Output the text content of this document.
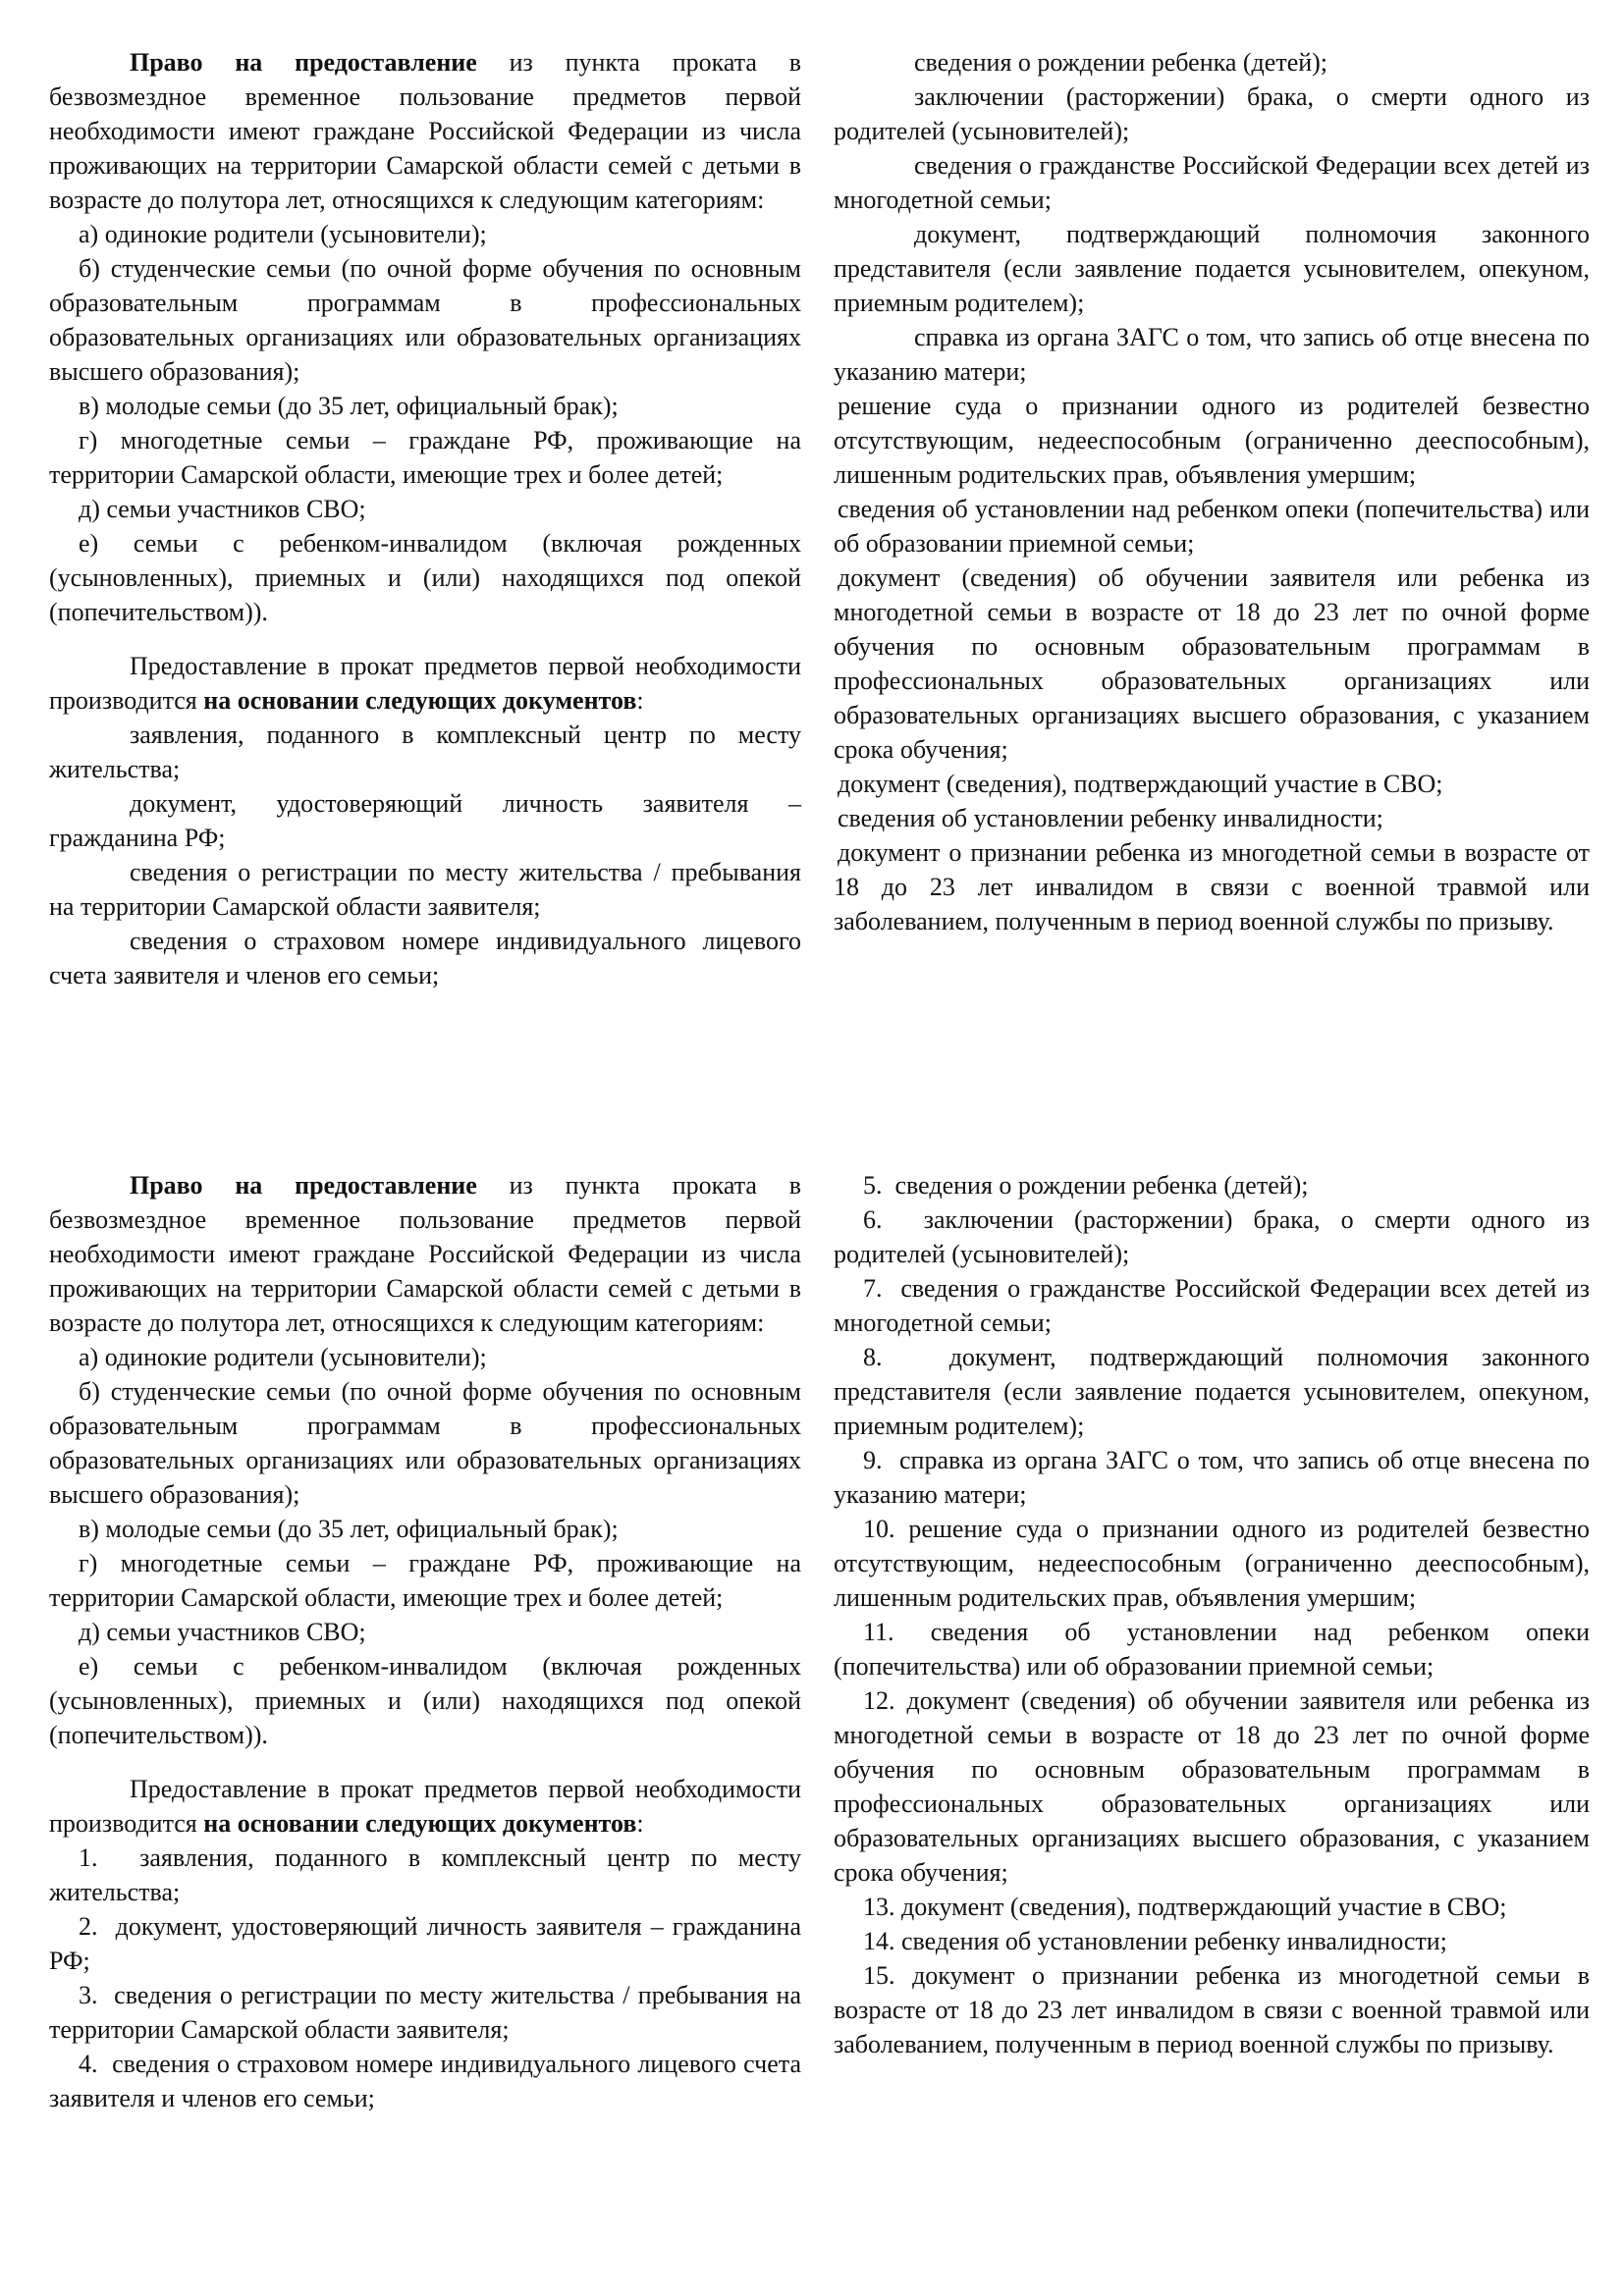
Право на предоставление из пункта проката в безвозмездное временное пользование предметов первой необходимости имеют граждане Российской Федерации из числа проживающих на территории Самарской области семей с детьми в возрасте до полутора лет, относящихся к следующим категориям:

а) одинокие родители (усыновители);

б) студенческие семьи (по очной форме обучения по основным образовательным программам в профессиональных образовательных организациях или образовательных организациях высшего образования);

в) молодые семьи (до 35 лет, официальный брак);

г) многодетные семьи – граждане РФ, проживающие на территории Самарской области, имеющие трех и более детей;

д) семьи участников СВО;

е) семьи с ребенком-инвалидом (включая рожденных (усыновленных), приемных и (или) находящихся под опекой (попечительством)).

Предоставление в прокат предметов первой необходимости производится на основании следующих документов:

заявления, поданного в комплексный центр по месту жительства;

документ, удостоверяющий личность заявителя – гражданина РФ;

сведения о регистрации по месту жительства / пребывания на территории Самарской области заявителя;

сведения о страховом номере индивидуального лицевого счета заявителя и членов его семьи;

сведения о рождении ребенка (детей);

заключении (расторжении) брака, о смерти одного из родителей (усыновителей);

сведения о гражданстве Российской Федерации всех детей из многодетной семьи;

документ, подтверждающий полномочия законного представителя (если заявление подается усыновителем, опекуном, приемным родителем);

справка из органа ЗАГС о том, что запись об отце внесена по указанию матери;

решение суда о признании одного из родителей безвестно отсутствующим, недееспособным (ограниченно дееспособным), лишенным родительских прав, объявления умершим;

сведения об установлении над ребенком опеки (попечительства) или об образовании приемной семьи;

документ (сведения) об обучении заявителя или ребенка из многодетной семьи в возрасте от 18 до 23 лет по очной форме обучения по основным образовательным программам в профессиональных образовательных организациях или образовательных организациях высшего образования, с указанием срока обучения;

документ (сведения), подтверждающий участие в СВО;

сведения об установлении ребенку инвалидности;

документ о признании ребенка из многодетной семьи в возрасте от 18 до 23 лет инвалидом в связи с военной травмой или заболеванием, полученным в период военной службы по призыву.

Право на предоставление из пункта проката в безвозмездное временное пользование предметов первой необходимости имеют граждане Российской Федерации из числа проживающих на территории Самарской области семей с детьми в возрасте до полутора лет, относящихся к следующим категориям:

а) одинокие родители (усыновители);

б) студенческие семьи (по очной форме обучения по основным образовательным программам в профессиональных образовательных организациях или образовательных организациях высшего образования);

в) молодые семьи (до 35 лет, официальный брак);

г) многодетные семьи – граждане РФ, проживающие на территории Самарской области, имеющие трех и более детей;

д) семьи участников СВО;

е) семьи с ребенком-инвалидом (включая рожденных (усыновленных), приемных и (или) находящихся под опекой (попечительством)).

Предоставление в прокат предметов первой необходимости производится на основании следующих документов:

1. заявления, поданного в комплексный центр по месту жительства;

2. документ, удостоверяющий личность заявителя – гражданина РФ;

3. сведения о регистрации по месту жительства / пребывания на территории Самарской области заявителя;

4. сведения о страховом номере индивидуального лицевого счета заявителя и членов его семьи;

5. сведения о рождении ребенка (детей);

6. заключении (расторжении) брака, о смерти одного из родителей (усыновителей);

7. сведения о гражданстве Российской Федерации всех детей из многодетной семьи;

8.	документ, подтверждающий полномочия законного представителя (если заявление подается усыновителем, опекуном, приемным родителем);

9. справка из органа ЗАГС о том, что запись об отце внесена по указанию матери;

10. решение суда о признании одного из родителей безвестно отсутствующим, недееспособным (ограниченно дееспособным), лишенным родительских прав, объявления умершим;

11. сведения об установлении над ребенком опеки (попечительства) или об образовании приемной семьи;

12. документ (сведения) об обучении заявителя или ребенка из многодетной семьи в возрасте от 18 до 23 лет по очной форме обучения по основным образовательным программам в профессиональных образовательных организациях или образовательных организациях высшего образования, с указанием срока обучения;

13. документ (сведения), подтверждающий участие в СВО;

14. сведения об установлении ребенку инвалидности;

15. документ о признании ребенка из многодетной семьи в возрасте от 18 до 23 лет инвалидом в связи с военной травмой или заболеванием, полученным в период военной службы по призыву.
